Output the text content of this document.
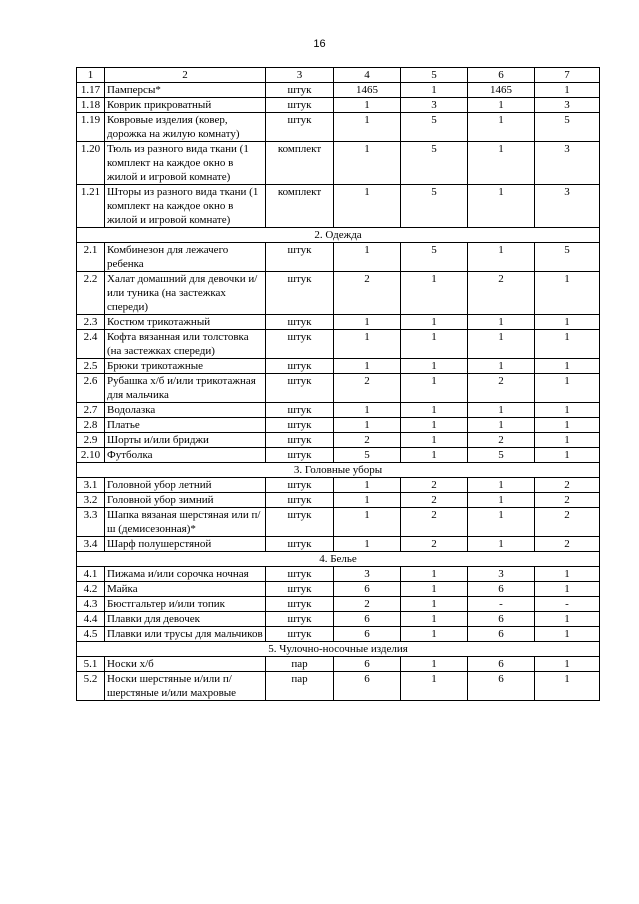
16
1	2	3	4	5	6	7
1.17	Памперсы*	штук	1465	1	1465	1
1.18	Коврик прикроватный	штук	1	3	1	3
1.19	Ковровые изделия (ковер, дорожка на жилую комнату)	штук	1	5	1	5
1.20	Тюль из разного вида ткани (1 комплект на каждое окно в жилой и игровой комнате)	комплект	1	5	1	3
1.21	Шторы из разного вида ткани (1 комплект на каждое окно в жилой и игровой комнате)	комплект	1	5	1	3
2. Одежда						
2.1	Комбинезон для лежачего ребенка	штук	1	5	1	5
2.2	Халат домашний для девочки и/или туника (на застежках спереди)	штук	2	1	2	1
2.3	Костюм трикотажный	штук	1	1	1	1
2.4	Кофта вязанная или толстовка (на застежках спереди)	штук	1	1	1	1
2.5	Брюки трикотажные	штук	1	1	1	1
2.6	Рубашка х/б и/или трикотажная для мальчика	штук	2	1	2	1
2.7	Водолазка	штук	1	1	1	1
2.8	Платье	штук	1	1	1	1
2.9	Шорты и/или бриджи	штук	2	1	2	1
2.10	Футболка	штук	5	1	5	1
3. Головные уборы						
3.1	Головной убор летний	штук	1	2	1	2
3.2	Головной убор зимний	штук	1	2	1	2
3.3	Шапка вязаная шерстяная или п/ш (демисезонная)*	штук	1	2	1	2
3.4	Шарф полушерстяной	штук	1	2	1	2
4. Белье						
4.1	Пижама и/или сорочка ночная	штук	3	1	3	1
4.2	Майка	штук	6	1	6	1
4.3	Бюстгальтер и/или топик	штук	2	1	-	-
4.4	Плавки для девочек	штук	6	1	6	1
4.5	Плавки или трусы для мальчиков	штук	6	1	6	1
5. Чулочно-носочные изделия						
5.1	Носки х/б	пар	6	1	6	1
5.2	Носки шерстяные и/или п/шерстяные и/или махровые	пар	6	1	6	1
